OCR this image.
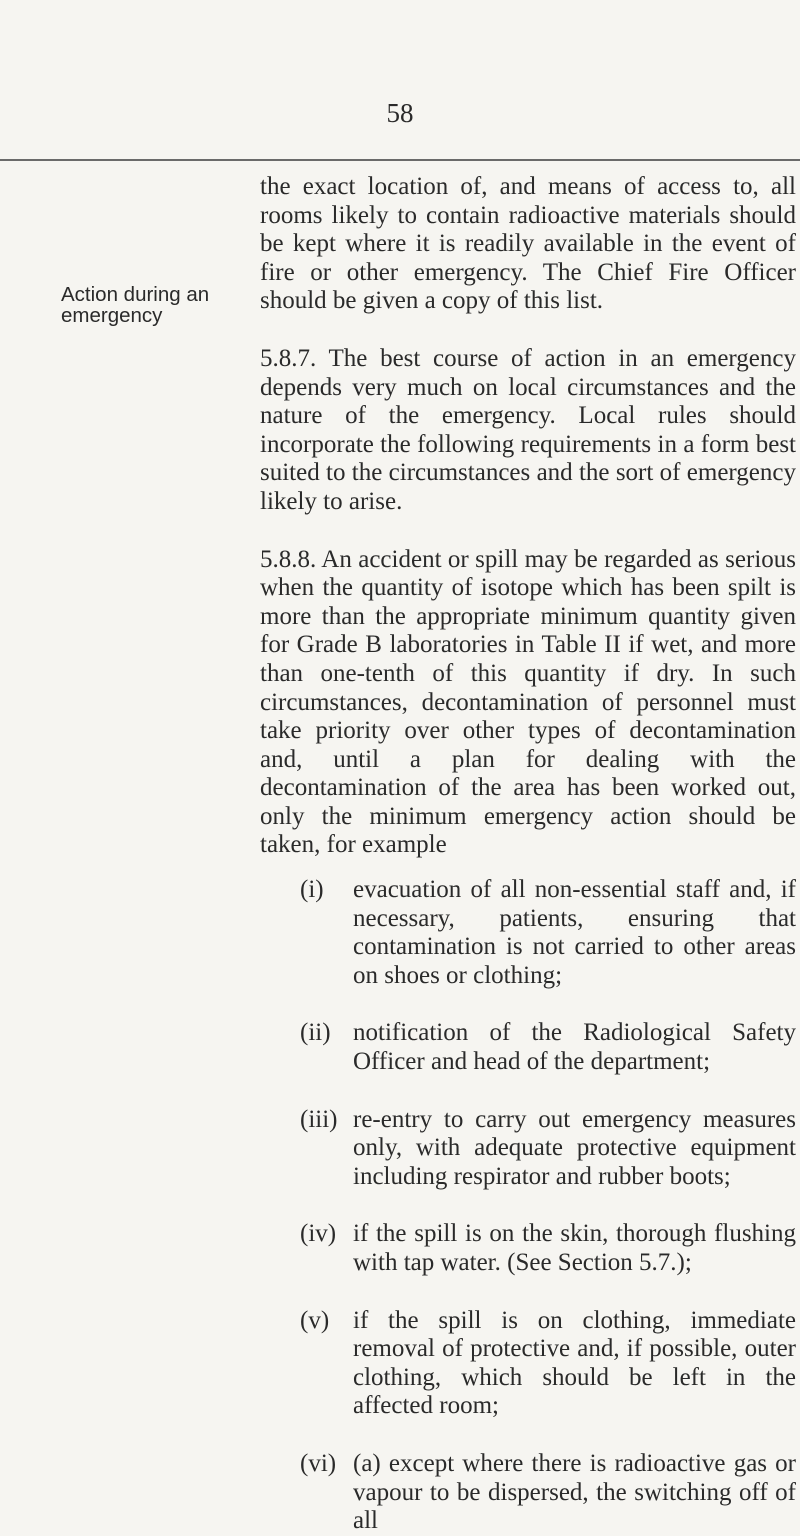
58
Action during an
emergency

the exact location of, and means of access to, all rooms likely to contain radioactive materials should be kept where it is readily available in the event of fire or other emergency. The Chief Fire Officer should be given a copy of this list.

5.8.7. The best course of action in an emergency depends very much on local circumstances and the nature of the emergency. Local rules should incorporate the following requirements in a form best suited to the circumstances and the sort of emergency likely to arise.

5.8.8. An accident or spill may be regarded as serious when the quantity of isotope which has been spilt is more than the appropriate minimum quantity given for Grade B laboratories in Table II if wet, and more than one-tenth of this quantity if dry. In such circumstances, decontamination of personnel must take priority over other types of decontamination and, until a plan for dealing with the decontamination of the area has been worked out, only the minimum emergency action should be taken, for example

(i) evacuation of all non-essential staff and, if necessary, patients, ensuring that contamination is not carried to other areas on shoes or clothing;
(ii) notification of the Radiological Safety Officer and head of the department;
(iii) re-entry to carry out emergency measures only, with adequate protective equipment including respirator and rubber boots;
(iv) if the spill is on the skin, thorough flushing with tap water. (See Section 5.7.);
(v) if the spill is on clothing, immediate removal of protective and, if possible, outer clothing, which should be left in the affected room;
(vi) (a) except where there is radioactive gas or vapour to be dispersed, the switching off of all
